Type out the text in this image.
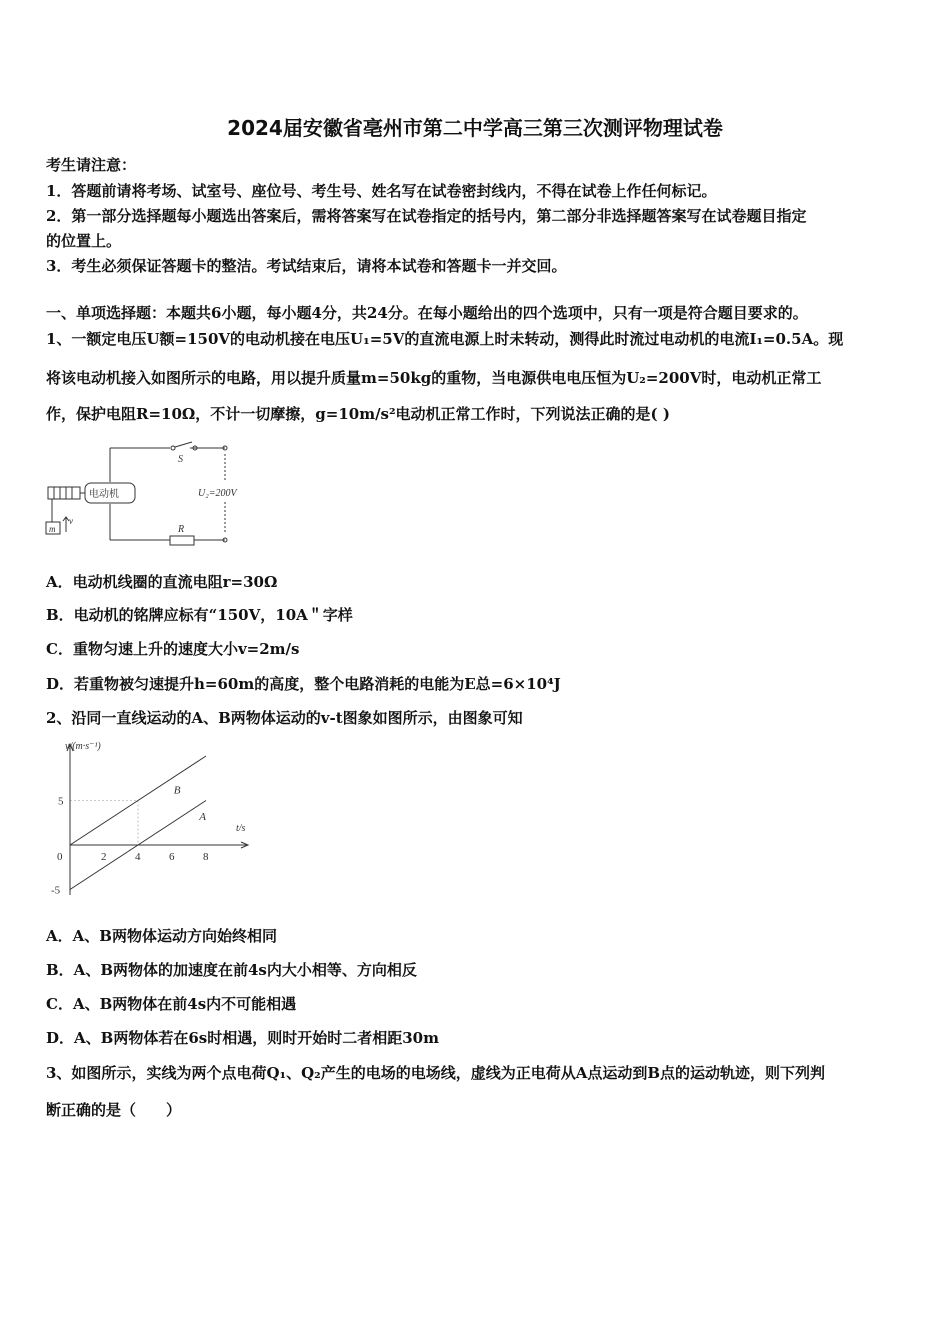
2024届安徽省亳州市第二中学高三第三次测评物理试卷
考生请注意：
1．答题前请将考场、试室号、座位号、考生号、姓名写在试卷密封线内，不得在试卷上作任何标记。
2．第一部分选择题每小题选出答案后，需将答案写在试卷指定的括号内，第二部分非选择题答案写在试卷题目指定
的位置上。
3．考生必须保证答题卡的整洁。考试结束后，请将本试卷和答题卡一并交回。
一、单项选择题：本题共6小题，每小题4分，共24分。在每小题给出的四个选项中，只有一项是符合题目要求的。
1、一额定电压U额=150V的电动机接在电压U₁=5V的直流电源上时未转动，测得此时流过电动机的电流I₁=0.5A。现
将该电动机接入如图所示的电路，用以提升质量m=50kg的重物，当电源供电电压恒为U₂=200V时，电动机正常工
作，保护电阻R=10Ω，不计一切摩擦，g=10m/s²电动机正常工作时，下列说法正确的是( )
电动机
S
U₂=200V
R
m
v
A．电动机线圈的直流电阻r=30Ω
B．电动机的铭牌应标有“150V，10A＂字样
C．重物匀速上升的速度大小v=2m/s
D．若重物被匀速提升h=60m的高度，整个电路消耗的电能为E总=6×10⁴J
2、沿同一直线运动的A、B两物体运动的v-t图象如图所示，由图象可知
B
A
0	2	4	6	8
5
-5
v/(m·s⁻¹)
t/s
A．A、B两物体运动方向始终相同
B．A、B两物体的加速度在前4s内大小相等、方向相反
C．A、B两物体在前4s内不可能相遇
D．A、B两物体若在6s时相遇，则时开始时二者相距30m
3、如图所示，实线为两个点电荷Q₁、Q₂产生的电场的电场线，虚线为正电荷从A点运动到B点的运动轨迹，则下列判
断正确的是（　　）
